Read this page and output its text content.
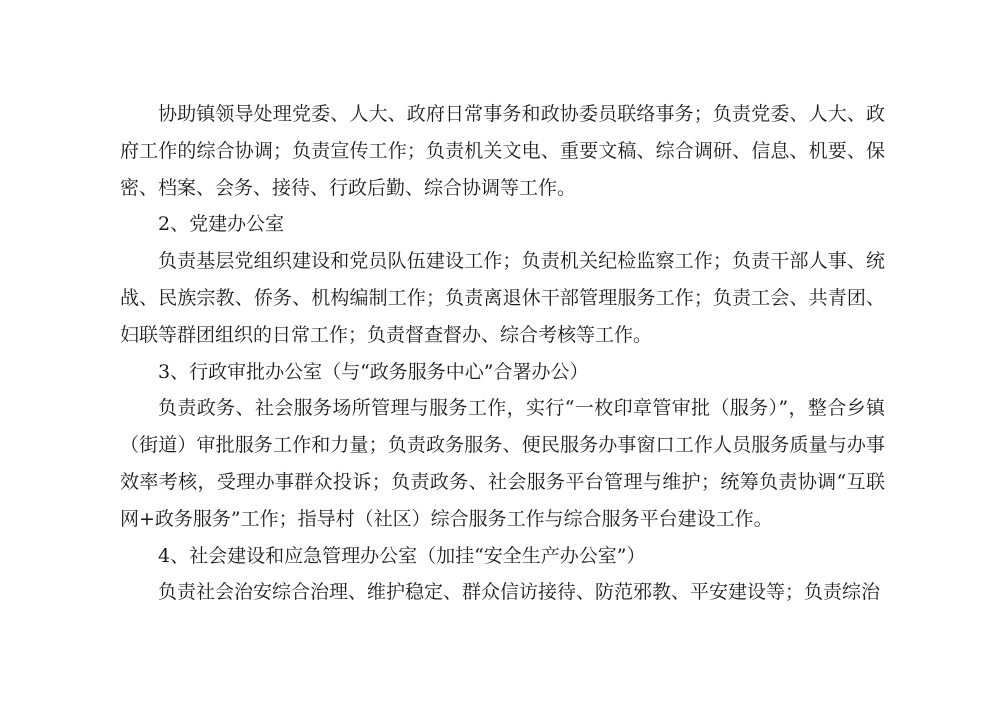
协助镇领导处理党委、人大、政府日常事务和政协委员联络事务；负责党委、人大、政府工作的综合协调；负责宣传工作；负责机关文电、重要文稿、综合调研、信息、机要、保密、档案、会务、接待、行政后勤、综合协调等工作。

2、党建办公室

负责基层党组织建设和党员队伍建设工作；负责机关纪检监察工作；负责干部人事、统战、民族宗教、侨务、机构编制工作；负责离退休干部管理服务工作；负责工会、共青团、妇联等群团组织的日常工作；负责督查督办、综合考核等工作。

3、行政审批办公室（与“政务服务中心”合署办公）

负责政务、社会服务场所管理与服务工作，实行“一枚印章管审批（服务）”，整合乡镇（街道）审批服务工作和力量；负责政务服务、便民服务办事窗口工作人员服务质量与办事效率考核，受理办事群众投诉；负责政务、社会服务平台管理与维护；统筹负责协调“互联网+政务服务”工作；指导村（社区）综合服务工作与综合服务平台建设工作。

4、社会建设和应急管理办公室（加挂“安全生产办公室”）

负责社会治安综合治理、维护稳定、群众信访接待、防范邪教、平安建设等；负责综治
